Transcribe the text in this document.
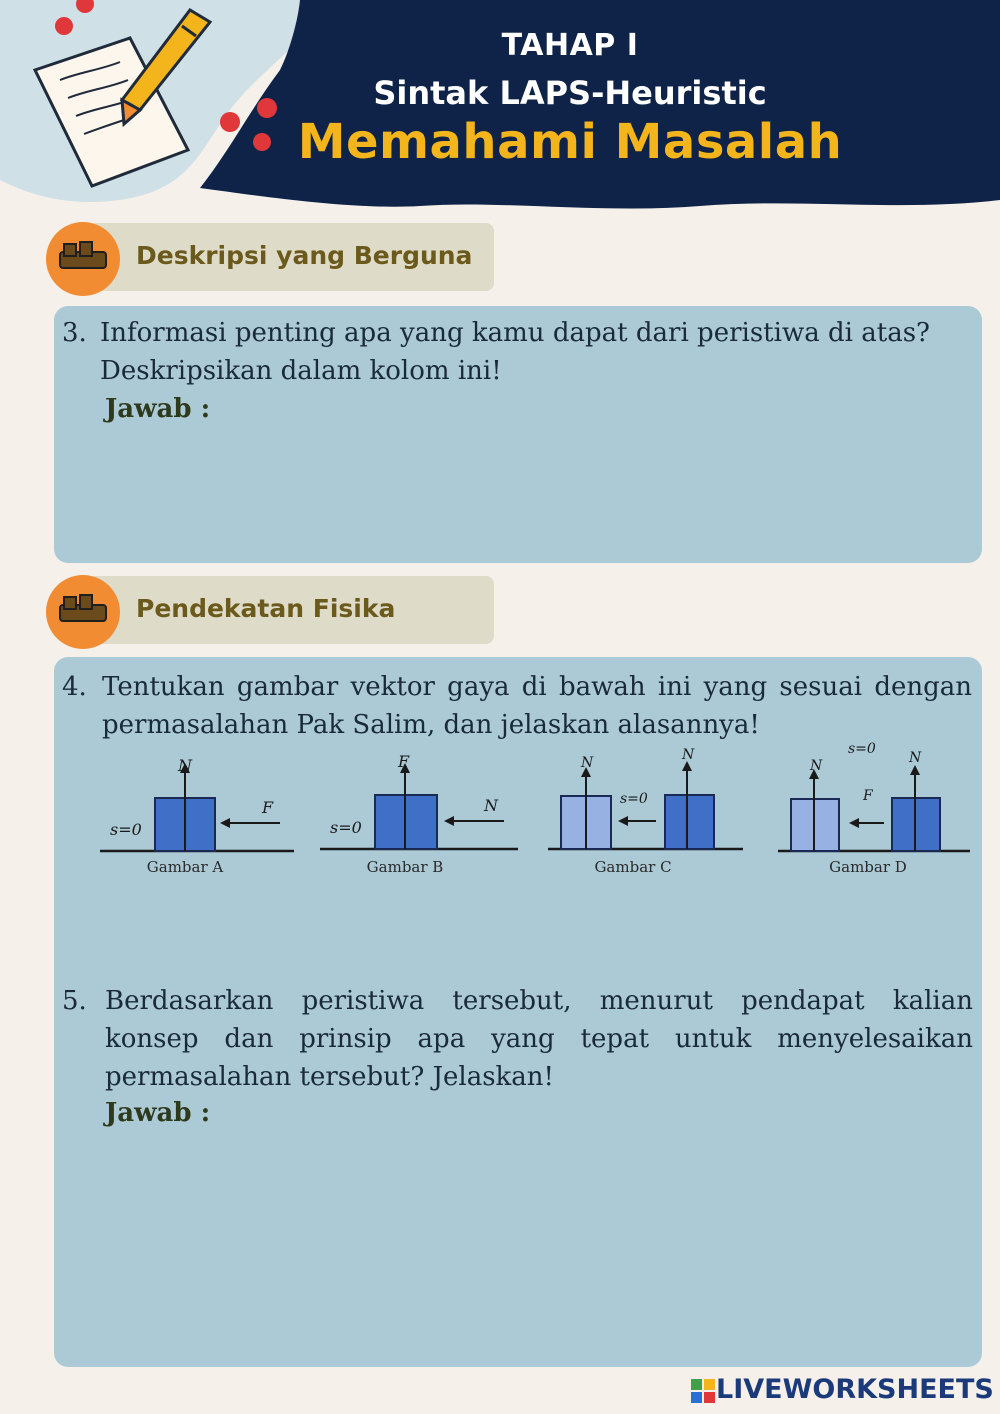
TAHAP I
Sintak LAPS-Heuristic
Memahami Masalah
Deskripsi yang Berguna
3. Informasi penting apa yang kamu dapat dari peristiwa di atas? Deskripsikan dalam kolom ini!
Jawab :
Pendekatan Fisika
4. Tentukan gambar vektor gaya di bawah ini yang sesuai dengan permasalahan Pak Salim, dan jelaskan alasannya!
N
F
s=0
Gambar A
F
N
s=0
Gambar B
N	N
s=0
Gambar C
N	N
F
s=0
Gambar D
5. Berdasarkan peristiwa tersebut, menurut pendapat kalian konsep dan prinsip apa yang tepat untuk menyelesaikan permasalahan tersebut? Jelaskan!
Jawab :
LIVEWORKSHEETS
